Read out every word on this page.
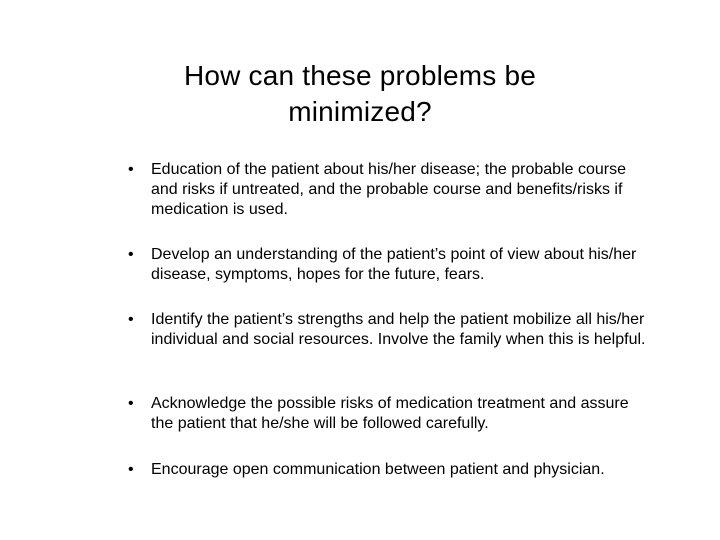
How can these problems be minimized?
•	Education of the patient about his/her disease; the probable course and risks if untreated, and the probable course and benefits/risks if medication is used.
•	Develop an understanding of the patient’s point of view about his/her disease, symptoms, hopes for the future, fears.
•	Identify the patient’s strengths and help the patient mobilize all his/her individual and social resources. Involve the family when this is helpful.
•	Acknowledge the possible risks of medication treatment and assure the patient that he/she will be followed carefully.
•	Encourage open communication between patient and physician.
